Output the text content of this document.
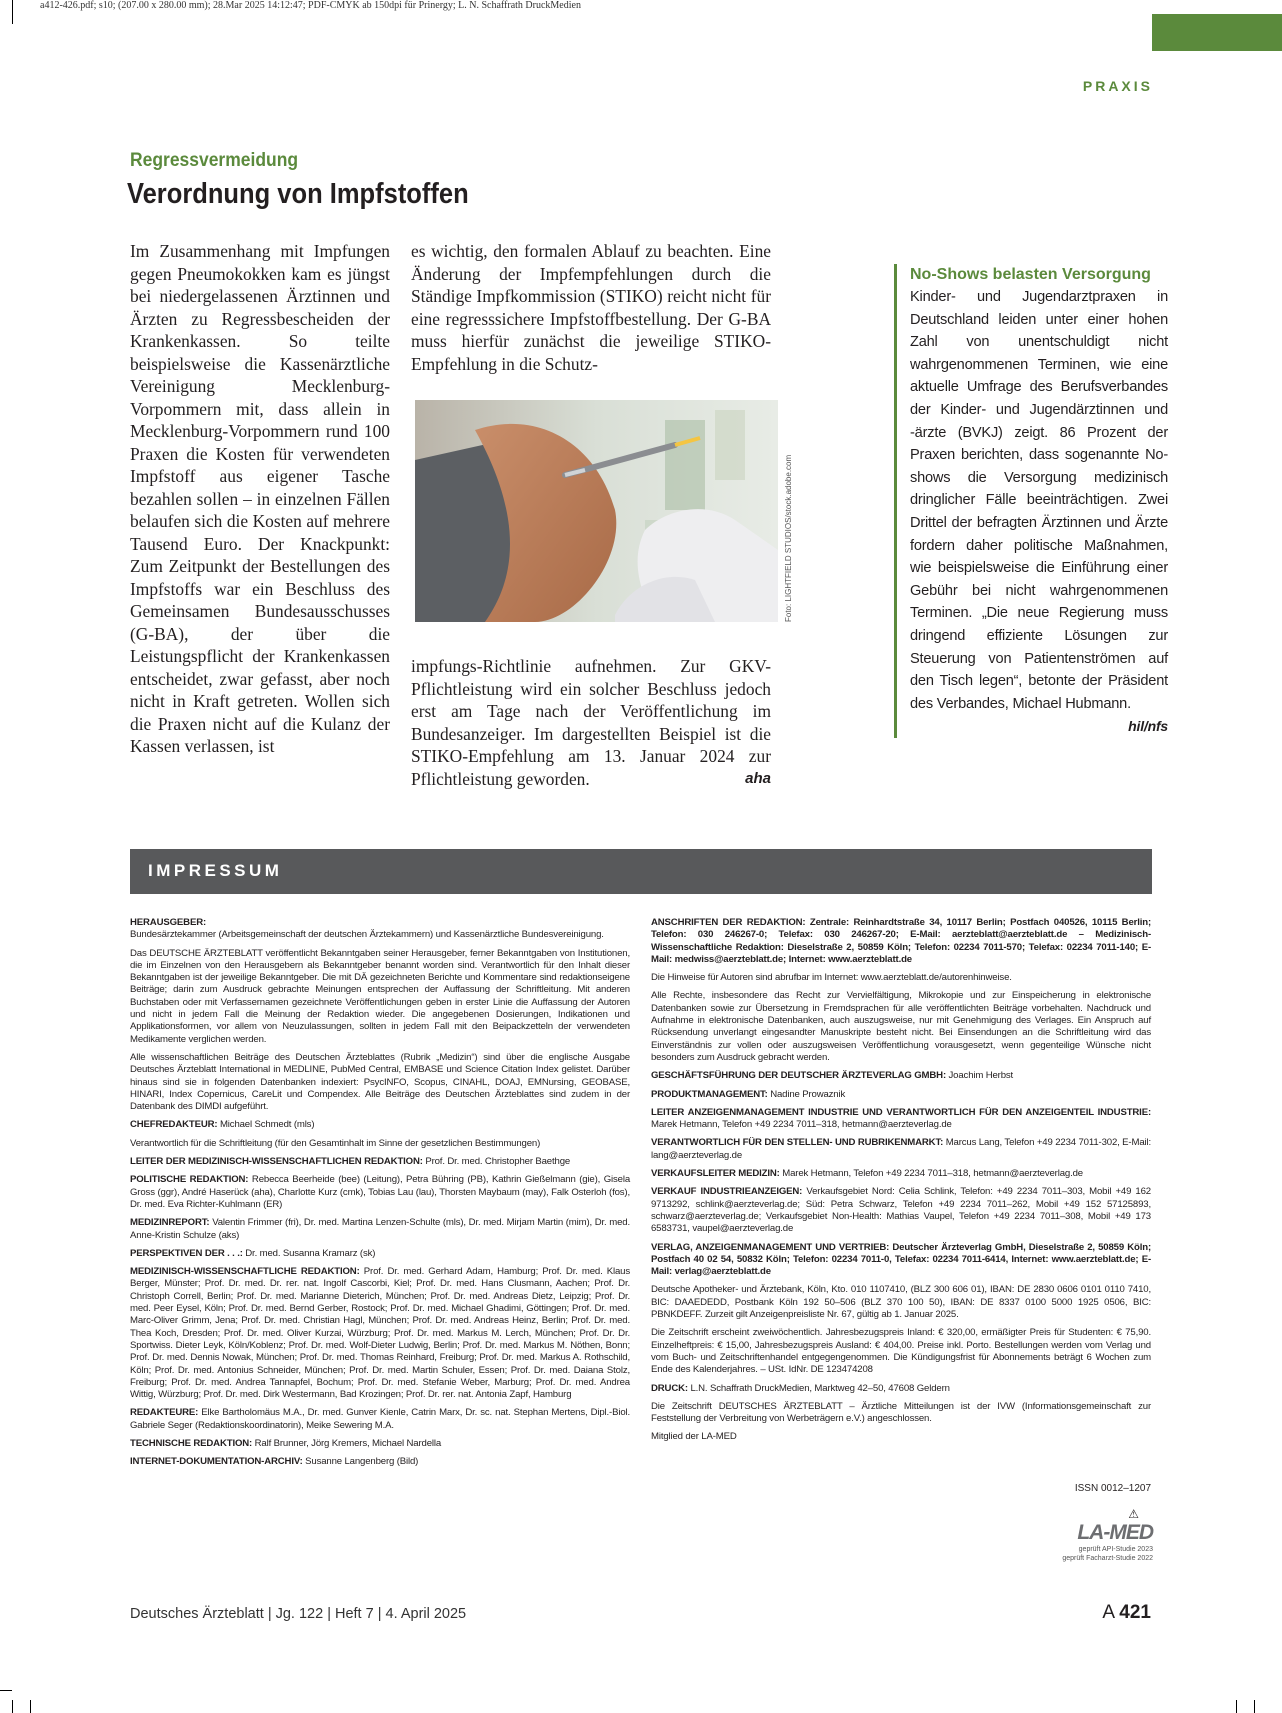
a412-426.pdf; s10; (207.00 x 280.00 mm); 28.Mar 2025 14:12:47; PDF-CMYK ab 150dpi für Prinergy; L. N. Schaffrath DruckMedien
PRAXIS
Regressvermeidung
Verordnung von Impfstoffen

Im Zusammenhang mit Impfungen gegen Pneumokokken kam es jüngst bei niedergelassenen Ärztinnen und Ärzten zu Regressbescheiden der Krankenkassen. So teilte beispielsweise die Kassenärztliche Vereinigung Mecklenburg-Vorpommern mit, dass allein in Mecklenburg-Vorpommern rund 100 Praxen die Kosten für verwendeten Impfstoff aus eigener Tasche bezahlen sollen – in einzelnen Fällen belaufen sich die Kosten auf mehrere Tausend Euro. Der Knackpunkt: Zum Zeitpunkt der Bestellungen des Impfstoffs war ein Beschluss des Gemeinsamen Bundesausschusses (G-BA), der über die Leistungspflicht der Krankenkassen entscheidet, zwar gefasst, aber noch nicht in Kraft getreten. Wollen sich die Praxen nicht auf die Kulanz der Kassen verlassen, ist

es wichtig, den formalen Ablauf zu beachten. Eine Änderung der Impfempfehlungen durch die Ständige Impfkommission (STIKO) reicht nicht für eine regresssichere Impfstoffbestellung. Der G-BA muss hierfür zunächst die jeweilige STIKO-Empfehlung in die Schutz-

Foto: LIGHTFIELD STUDIOS/stock.adobe.com

impfungs-Richtlinie aufnehmen. Zur GKV-Pflichtleistung wird ein solcher Beschluss jedoch erst am Tage nach der Veröffentlichung im Bundesanzeiger. Im dargestellten Beispiel ist die STIKO-Empfehlung am 13. Januar 2024 zur Pflichtleistung geworden.	aha

No-Shows belasten Versorgung
Kinder- und Jugendarztpraxen in Deutschland leiden unter einer hohen Zahl von unentschuldigt nicht wahrgenommenen Terminen, wie eine aktuelle Umfrage des Berufsverbandes der Kinder- und Jugendärztinnen und -ärzte (BVKJ) zeigt. 86 Prozent der Praxen berichten, dass sogenannte No-shows die Versorgung medizinisch dringlicher Fälle beeinträchtigen. Zwei Drittel der befragten Ärztinnen und Ärzte fordern daher politische Maßnahmen, wie beispielsweise die Einführung einer Gebühr bei nicht wahrgenommenen Terminen. „Die neue Regierung muss dringend effiziente Lösungen zur Steuerung von Patientenströmen auf den Tisch legen“, betonte der Präsident des Verbandes, Michael Hubmann.
hil/nfs
IMPRESSUM

HERAUSGEBER:
Bundesärztekammer (Arbeitsgemeinschaft der deutschen Ärztekammern) und Kassenärztliche Bundesvereinigung.

Das DEUTSCHE ÄRZTEBLATT veröffentlicht Bekanntgaben seiner Herausgeber, ferner Bekanntgaben von Institutionen, die im Einzelnen von den Herausgebern als Bekanntgeber benannt worden sind. Verantwortlich für den Inhalt dieser Bekanntgaben ist der jeweilige Bekanntgeber. Die mit DÄ gezeichneten Berichte und Kommentare sind redaktionseigene Beiträge; darin zum Ausdruck gebrachte Meinungen entsprechen der Auffassung der Schriftleitung. Mit anderen Buchstaben oder mit Verfassernamen gezeichnete Veröffentlichungen geben in erster Linie die Auffassung der Autoren und nicht in jedem Fall die Meinung der Redaktion wieder. Die angegebenen Dosierungen, Indikationen und Applikationsformen, vor allem von Neuzulassungen, sollten in jedem Fall mit den Beipackzetteln der verwendeten Medikamente verglichen werden.

Alle wissenschaftlichen Beiträge des Deutschen Ärzteblattes (Rubrik „Medizin“) sind über die englische Ausgabe Deutsches Ärzteblatt International in MEDLINE, PubMed Central, EMBASE und Science Citation Index gelistet. Darüber hinaus sind sie in folgenden Datenbanken indexiert: PsycINFO, Scopus, CINAHL, DOAJ, EMNursing, GEOBASE, HINARI, Index Copernicus, CareLit und Compendex. Alle Beiträge des Deutschen Ärzteblattes sind zudem in der Datenbank des DIMDI aufgeführt.

CHEFREDAKTEUR: Michael Schmedt (mls)

Verantwortlich für die Schriftleitung (für den Gesamtinhalt im Sinne der gesetzlichen Bestimmungen)

LEITER DER MEDIZINISCH-WISSENSCHAFTLICHEN REDAKTION: Prof. Dr. med. Christopher Baethge

POLITISCHE REDAKTION: Rebecca Beerheide (bee) (Leitung), Petra Bühring (PB), Kathrin Gießelmann (gie), Gisela Gross (ggr), André Haserück (aha), Charlotte Kurz (cmk), Tobias Lau (lau), Thorsten Maybaum (may), Falk Osterloh (fos), Dr. med. Eva Richter-Kuhlmann (ER)

MEDIZINREPORT: Valentin Frimmer (fri), Dr. med. Martina Lenzen-Schulte (mls), Dr. med. Mirjam Martin (mim), Dr. med. Anne-Kristin Schulze (aks)

PERSPEKTIVEN DER . . .: Dr. med. Susanna Kramarz (sk)

MEDIZINISCH-WISSENSCHAFTLICHE REDAKTION: Prof. Dr. med. Gerhard Adam, Hamburg; Prof. Dr. med. Klaus Berger, Münster; Prof. Dr. med. Dr. rer. nat. Ingolf Cascorbi, Kiel; Prof. Dr. med. Hans Clusmann, Aachen; Prof. Dr. Christoph Correll, Berlin; Prof. Dr. med. Marianne Dieterich, München; Prof. Dr. med. Andreas Dietz, Leipzig; Prof. Dr. med. Peer Eysel, Köln; Prof. Dr. med. Bernd Gerber, Rostock; Prof. Dr. med. Michael Ghadimi, Göttingen; Prof. Dr. med. Marc-Oliver Grimm, Jena; Prof. Dr. med. Christian Hagl, München; Prof. Dr. med. Andreas Heinz, Berlin; Prof. Dr. med. Thea Koch, Dresden; Prof. Dr. med. Oliver Kurzai, Würzburg; Prof. Dr. med. Markus M. Lerch, München; Prof. Dr. Dr. Sportwiss. Dieter Leyk, Köln/Koblenz; Prof. Dr. med. Wolf-Dieter Ludwig, Berlin; Prof. Dr. med. Markus M. Nöthen, Bonn; Prof. Dr. med. Dennis Nowak, München; Prof. Dr. med. Thomas Reinhard, Freiburg; Prof. Dr. med. Markus A. Rothschild, Köln; Prof. Dr. med. Antonius Schneider, München; Prof. Dr. med. Martin Schuler, Essen; Prof. Dr. med. Daiana Stolz, Freiburg; Prof. Dr. med. Andrea Tannapfel, Bochum; Prof. Dr. med. Stefanie Weber, Marburg; Prof. Dr. med. Andrea Wittig, Würzburg; Prof. Dr. med. Dirk Westermann, Bad Krozingen; Prof. Dr. rer. nat. Antonia Zapf, Hamburg

REDAKTEURE: Elke Bartholomäus M.A., Dr. med. Gunver Kienle, Catrin Marx, Dr. sc. nat. Stephan Mertens, Dipl.-Biol. Gabriele Seger (Redaktionskoordinatorin), Meike Sewering M.A.

TECHNISCHE REDAKTION: Ralf Brunner, Jörg Kremers, Michael Nardella

INTERNET-DOKUMENTATION-ARCHIV: Susanne Langenberg (Bild)

ANSCHRIFTEN DER REDAKTION: Zentrale: Reinhardtstraße 34, 10117 Berlin; Postfach 040526, 10115 Berlin; Telefon: 030 246267-0; Telefax: 030 246267-20; E-Mail: aerzteblatt@aerzteblatt.de – Medizinisch-Wissenschaftliche Redaktion: Dieselstraße 2, 50859 Köln; Telefon: 02234 7011-570; Telefax: 02234 7011-140; E-Mail: medwiss@aerzteblatt.de; Internet: www.aerzteblatt.de

Die Hinweise für Autoren sind abrufbar im Internet: www.aerzteblatt.de/autorenhinweise.

Alle Rechte, insbesondere das Recht zur Vervielfältigung, Mikrokopie und zur Einspeicherung in elektronische Datenbanken sowie zur Übersetzung in Fremdsprachen für alle veröffentlichten Beiträge vorbehalten. Nachdruck und Aufnahme in elektronische Datenbanken, auch auszugsweise, nur mit Genehmigung des Verlages. Ein Anspruch auf Rücksendung unverlangt eingesandter Manuskripte besteht nicht. Bei Einsendungen an die Schriftleitung wird das Einverständnis zur vollen oder auszugsweisen Veröffentlichung vorausgesetzt, wenn gegenteilige Wünsche nicht besonders zum Ausdruck gebracht werden.

GESCHÄFTSFÜHRUNG DER DEUTSCHER ÄRZTEVERLAG GMBH: Joachim Herbst

PRODUKTMANAGEMENT: Nadine Prowaznik

LEITER ANZEIGENMANAGEMENT INDUSTRIE UND VERANTWORTLICH FÜR DEN ANZEIGENTEIL INDUSTRIE: Marek Hetmann, Telefon +49 2234 7011–318, hetmann@aerzteverlag.de

VERANTWORTLICH FÜR DEN STELLEN- UND RUBRIKENMARKT: Marcus Lang, Telefon +49 2234 7011-302, E-Mail: lang@aerzteverlag.de

VERKAUFSLEITER MEDIZIN: Marek Hetmann, Telefon +49 2234 7011–318, hetmann@aerzteverlag.de

VERKAUF INDUSTRIEANZEIGEN: Verkaufsgebiet Nord: Celia Schlink, Telefon: +49 2234 7011–303, Mobil +49 162 9713292, schlink@aerzteverlag.de; Süd: Petra Schwarz, Telefon +49 2234 7011–262, Mobil +49 152 57125893, schwarz@aerzteverlag.de; Verkaufsgebiet Non-Health: Mathias Vaupel, Telefon +49 2234 7011–308, Mobil +49 173 6583731, vaupel@aerzteverlag.de

VERLAG, ANZEIGENMANAGEMENT UND VERTRIEB: Deutscher Ärzteverlag GmbH, Dieselstraße 2, 50859 Köln; Postfach 40 02 54, 50832 Köln; Telefon: 02234 7011-0, Telefax: 02234 7011-6414, Internet: www.aerzteblatt.de; E-Mail: verlag@aerzteblatt.de

Deutsche Apotheker- und Ärztebank, Köln, Kto. 010 1107410, (BLZ 300 606 01), IBAN: DE 2830 0606 0101 0110 7410, BIC: DAAEDEDD, Postbank Köln 192 50–506 (BLZ 370 100 50), IBAN: DE 8337 0100 5000 1925 0506, BIC: PBNKDEFF. Zurzeit gilt Anzeigenpreisliste Nr. 67, gültig ab 1. Januar 2025.

Die Zeitschrift erscheint zweiwöchentlich. Jahresbezugspreis Inland: € 320,00, ermäßigter Preis für Studenten: € 75,90. Einzelheftpreis: € 15,00, Jahresbezugspreis Ausland: € 404,00. Preise inkl. Porto. Bestellungen werden vom Verlag und vom Buch- und Zeitschriftenhandel entgegengenommen. Die Kündigungsfrist für Abonnements beträgt 6 Wochen zum Ende des Kalenderjahres. – USt. IdNr. DE 123474208

DRUCK: L.N. Schaffrath DruckMedien, Marktweg 42–50, 47608 Geldern

Die Zeitschrift DEUTSCHES ÄRZTEBLATT – Ärztliche Mitteilungen ist der IVW (Informationsgemeinschaft zur Feststellung der Verbreitung von Werbeträgern e.V.) angeschlossen.

Mitglied der LA-MED

ISSN 0012–1207
⚠
LA-MED
geprüft API-Studie 2023
geprüft Facharzt-Studie 2022
Deutsches Ärzteblatt | Jg. 122 | Heft 7 | 4. April 2025	A 421
